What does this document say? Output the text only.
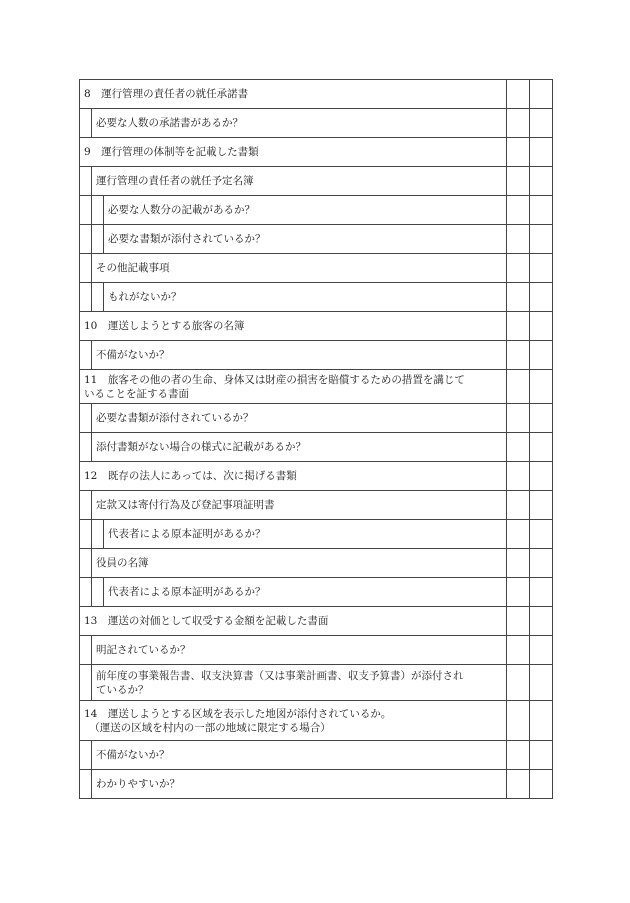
8　運行管理の責任者の就任承諾書				

	必要な人数の承諾書があるか？			

9　運行管理の体制等を記載した書類				

	運行管理の責任者の就任予定名簿			

		必要な人数分の記載があるか？		

		必要な書類が添付されているか？		

	その他記載事項			

		もれがないか？		

10　運送しようとする旅客の名簿				

	不備がないか？			

11　旅客その他の者の生命、身体又は財産の損害を賠償するための措置を講じて
いることを証する書面				

	必要な書類が添付されているか？			

	添付書類がない場合の様式に記載があるか？			

12　既存の法人にあっては、次に掲げる書類				

	定款又は寄付行為及び登記事項証明書			

		代表者による原本証明があるか？		

	役員の名簿			

		代表者による原本証明があるか？		

13　運送の対価として収受する金額を記載した書面				

	明記されているか？			

	前年度の事業報告書、収支決算書（又は事業計画書、収支予算書）が添付され
ているか？			

14　運送しようとする区域を表示した地図が添付されているか。
　（運送の区域を村内の一部の地域に限定する場合）				

	不備がないか？			

	わかりやすいか？			
